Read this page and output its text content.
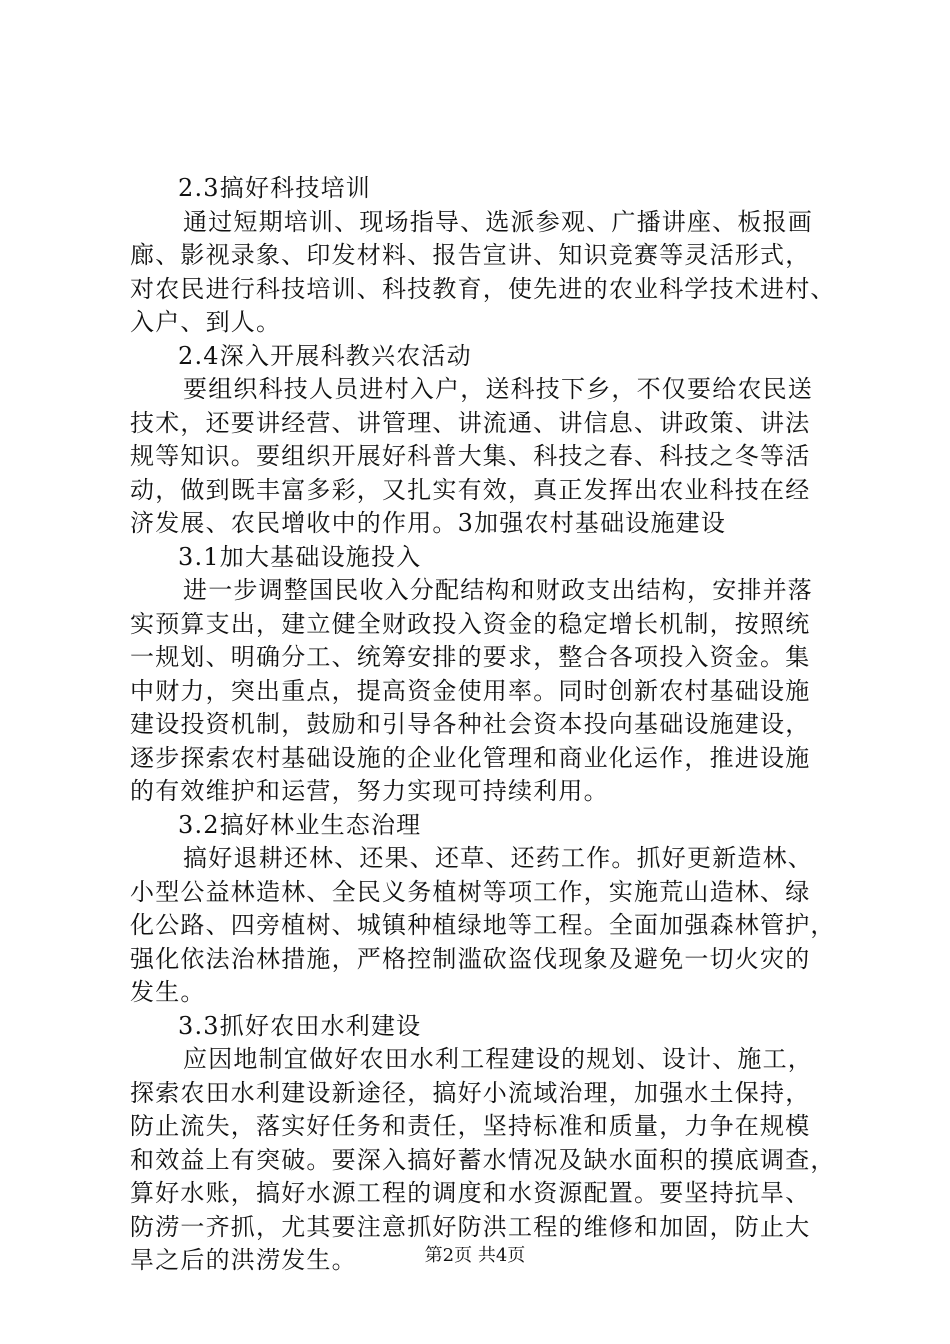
2.3搞好科技培训
通过短期培训、现场指导、选派参观、广播讲座、板报画
廊、影视录象、印发材料、报告宣讲、知识竞赛等灵活形式，
对农民进行科技培训、科技教育，使先进的农业科学技术进村、
入户、到人。
2.4深入开展科教兴农活动
要组织科技人员进村入户，送科技下乡，不仅要给农民送
技术，还要讲经营、讲管理、讲流通、讲信息、讲政策、讲法
规等知识。要组织开展好科普大集、科技之春、科技之冬等活
动，做到既丰富多彩，又扎实有效，真正发挥出农业科技在经
济发展、农民增收中的作用。3加强农村基础设施建设
3.1加大基础设施投入
进一步调整国民收入分配结构和财政支出结构，安排并落
实预算支出，建立健全财政投入资金的稳定增长机制，按照统
一规划、明确分工、统筹安排的要求，整合各项投入资金。集
中财力，突出重点，提高资金使用率。同时创新农村基础设施
建设投资机制，鼓励和引导各种社会资本投向基础设施建设，
逐步探索农村基础设施的企业化管理和商业化运作，推进设施
的有效维护和运营，努力实现可持续利用。
3.2搞好林业生态治理
搞好退耕还林、还果、还草、还药工作。抓好更新造林、
小型公益林造林、全民义务植树等项工作，实施荒山造林、绿
化公路、四旁植树、城镇种植绿地等工程。全面加强森林管护，
强化依法治林措施，严格控制滥砍盗伐现象及避免一切火灾的
发生。
3.3抓好农田水利建设
应因地制宜做好农田水利工程建设的规划、设计、施工，
探索农田水利建设新途径，搞好小流域治理，加强水土保持，
防止流失，落实好任务和责任，坚持标准和质量，力争在规模
和效益上有突破。要深入搞好蓄水情况及缺水面积的摸底调查，
算好水账，搞好水源工程的调度和水资源配置。要坚持抗旱、
防涝一齐抓，尤其要注意抓好防洪工程的维修和加固，防止大
旱之后的洪涝发生。	第2页 共4页
